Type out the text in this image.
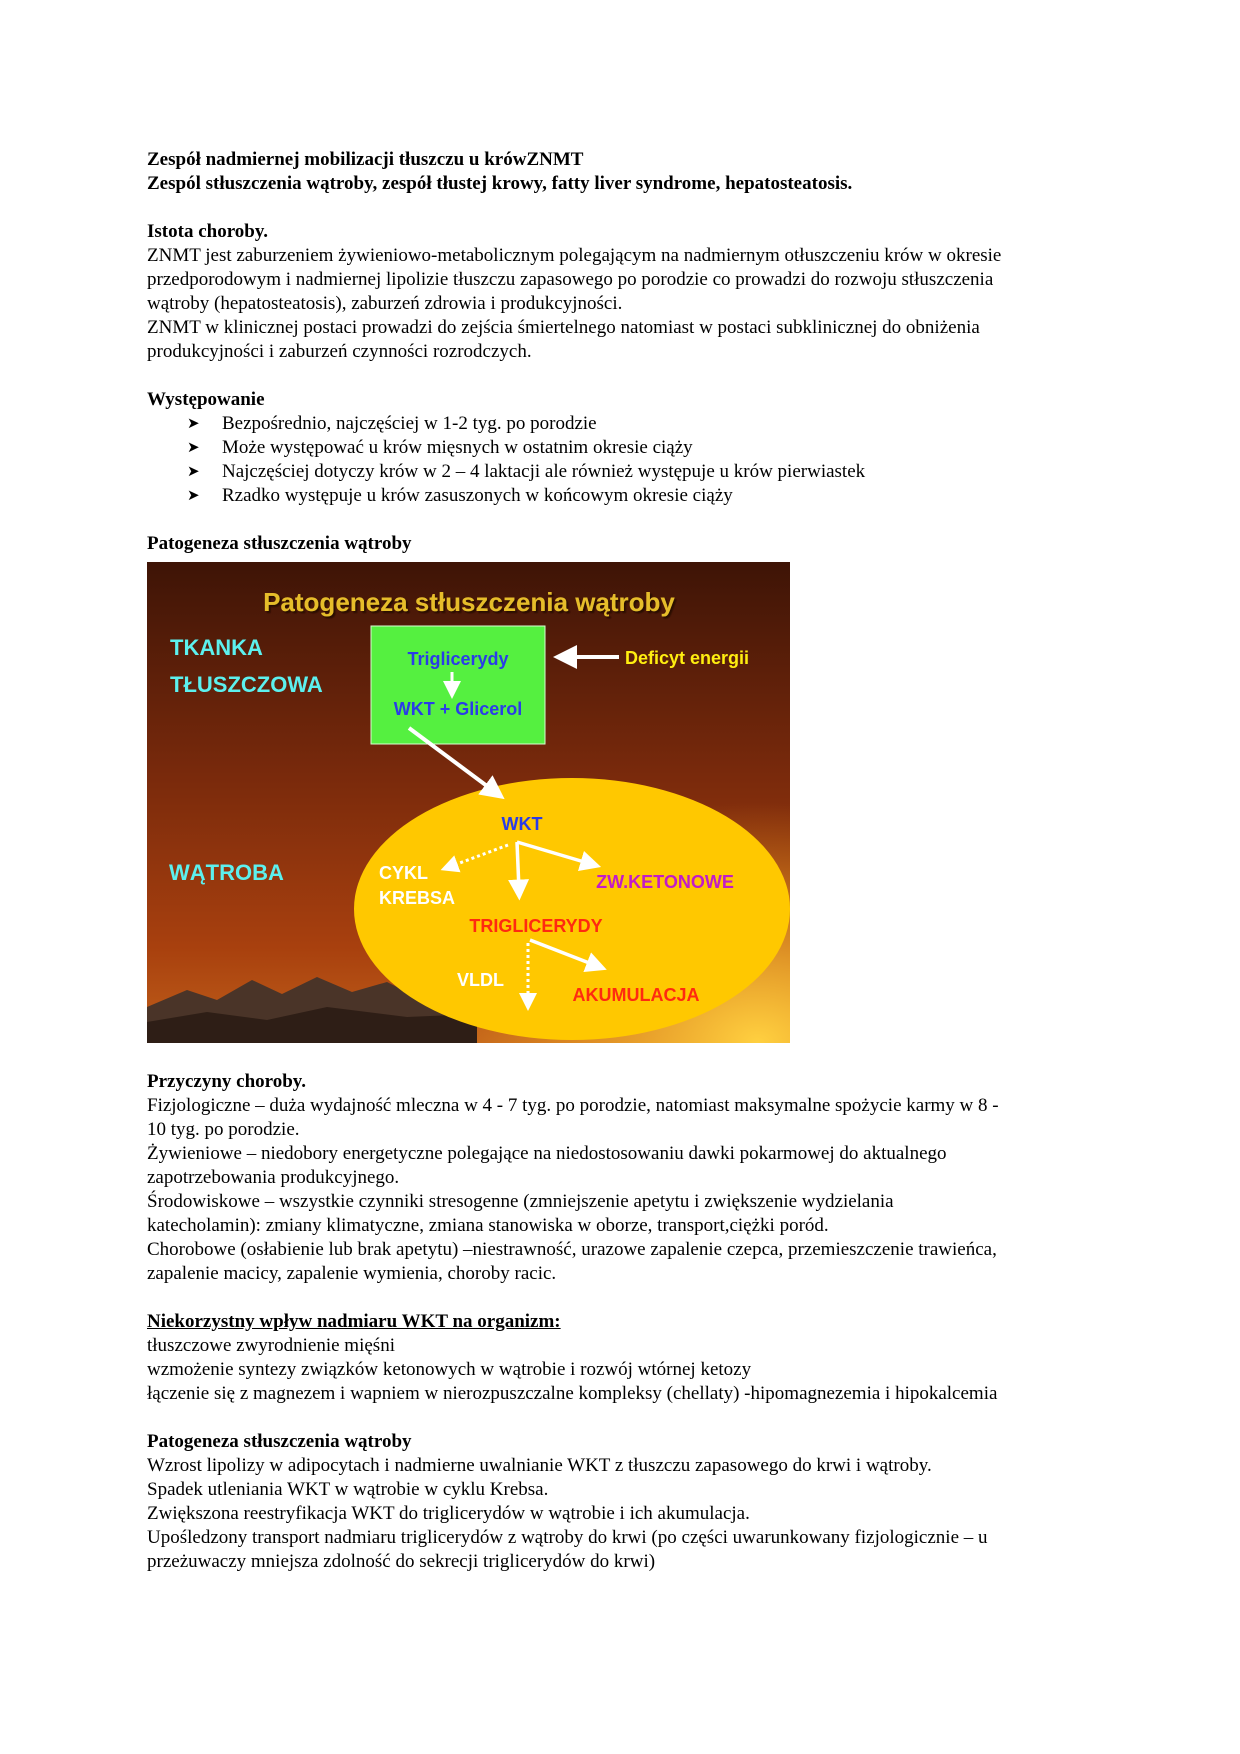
Zespół nadmiernej mobilizacji tłuszczu u krówZNMT
Zespól stłuszczenia wątroby, zespół tłustej krowy, fatty liver syndrome, hepatosteatosis.
Istota choroby.
ZNMT jest zaburzeniem żywieniowo-metabolicznym polegającym na nadmiernym otłuszczeniu krów w okresie
przedporodowym i nadmiernej lipolizie tłuszczu zapasowego po porodzie co prowadzi do rozwoju stłuszczenia
wątroby (hepatosteatosis), zaburzeń zdrowia i produkcyjności.
ZNMT w klinicznej postaci prowadzi do zejścia śmiertelnego natomiast w postaci subklinicznej do obniżenia
produkcyjności i zaburzeń czynności rozrodczych.
Występowanie
➤ Bezpośrednio, najczęściej w 1-2 tyg. po porodzie
➤ Może występować u krów mięsnych w ostatnim okresie ciąży
➤ Najczęściej dotyczy krów w 2 – 4 laktacji ale również występuje u krów pierwiastek
➤ Rzadko występuje u krów zasuszonych w końcowym okresie ciąży
Patogeneza stłuszczenia wątroby
Patogeneza stłuszczenia wątroby
TKANKA
TŁUSZCZOWA
Triglicerydy
WKT + Glicerol
Deficyt energii
WĄTROBA
WKT
CYKL
KREBSA
ZW.KETONOWE
TRIGLICERYDY
VLDL
AKUMULACJA
Przyczyny choroby.
Fizjologiczne – duża wydajność mleczna w 4 - 7 tyg. po porodzie, natomiast maksymalne spożycie karmy w 8 -
10 tyg. po porodzie.
Żywieniowe – niedobory energetyczne polegające na niedostosowaniu dawki pokarmowej do aktualnego
zapotrzebowania produkcyjnego.
Środowiskowe – wszystkie czynniki stresogenne (zmniejszenie apetytu i zwiększenie wydzielania
katecholamin): zmiany klimatyczne, zmiana stanowiska w oborze, transport,ciężki poród.
Chorobowe (osłabienie lub brak apetytu) –niestrawność, urazowe zapalenie czepca, przemieszczenie trawieńca,
zapalenie macicy, zapalenie wymienia, choroby racic.
Niekorzystny wpływ nadmiaru WKT na organizm:
tłuszczowe zwyrodnienie mięśni
wzmożenie syntezy związków ketonowych w wątrobie i rozwój wtórnej ketozy
łączenie się z magnezem i wapniem w nierozpuszczalne kompleksy (chellaty) -hipomagnezemia i hipokalcemia
Patogeneza stłuszczenia wątroby
Wzrost lipolizy w adipocytach i nadmierne uwalnianie WKT z tłuszczu zapasowego do krwi i wątroby.
Spadek utleniania WKT w wątrobie w cyklu Krebsa.
Zwiększona reestryfikacja WKT do triglicerydów w wątrobie i ich akumulacja.
Upośledzony transport nadmiaru triglicerydów z wątroby do krwi (po części uwarunkowany fizjologicznie – u
przeżuwaczy mniejsza zdolność do sekrecji triglicerydów do krwi)
